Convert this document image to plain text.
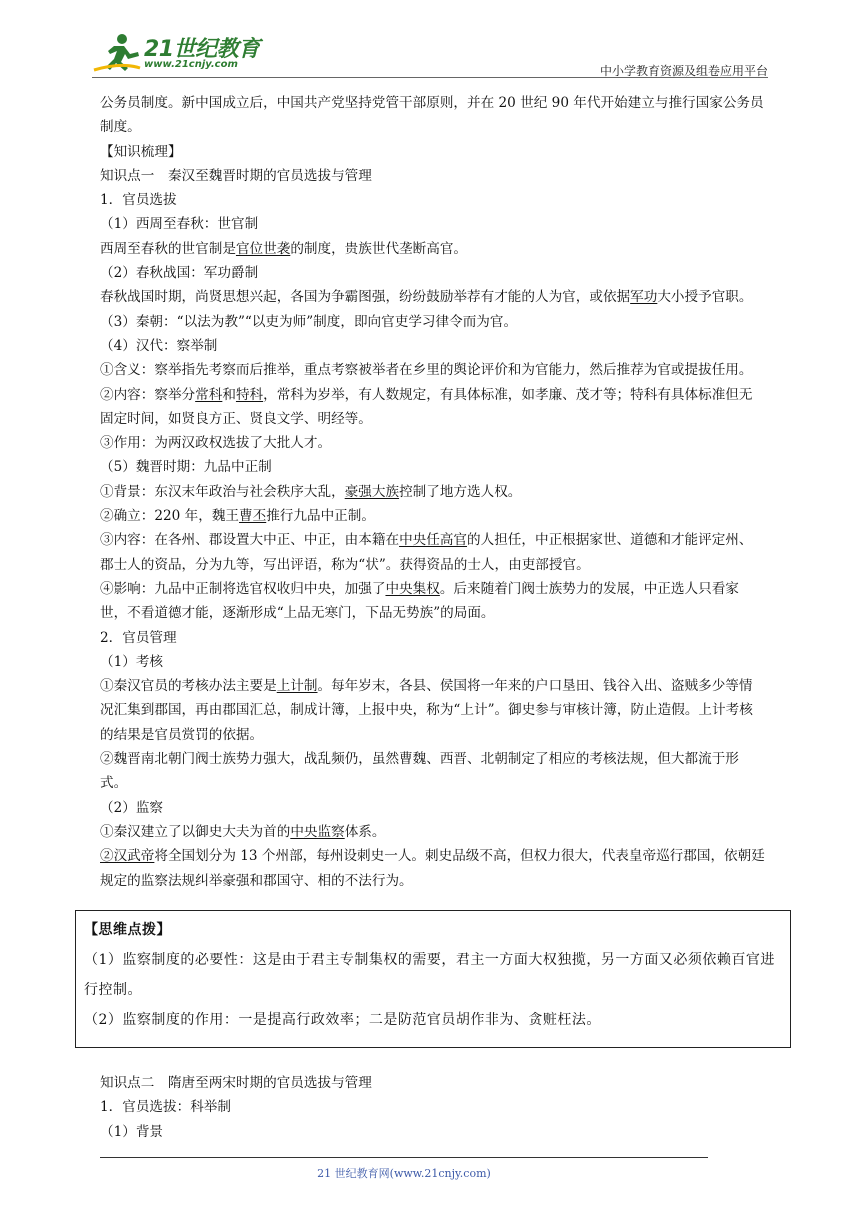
21世纪教育
www.21cnjy.com	中小学教育资源及组卷应用平台

公务员制度。新中国成立后，中国共产党坚持党管干部原则，并在 20 世纪 90 年代开始建立与推行国家公务员制度。

【知识梳理】

知识点一　秦汉至魏晋时期的官员选拔与管理

1．官员选拔

（1）西周至春秋：世官制

西周至春秋的世官制是官位世袭的制度，贵族世代垄断高官。

（2）春秋战国：军功爵制

春秋战国时期，尚贤思想兴起，各国为争霸图强，纷纷鼓励举荐有才能的人为官，或依据军功大小授予官职。

（3）秦朝：“以法为教”“以吏为师”制度，即向官吏学习律令而为官。

（4）汉代：察举制

①含义：察举指先考察而后推举，重点考察被举者在乡里的舆论评价和为官能力，然后推荐为官或提拔任用。

②内容：察举分常科和特科，常科为岁举，有人数规定，有具体标准，如孝廉、茂才等；特科有具体标准但无固定时间，如贤良方正、贤良文学、明经等。

③作用：为两汉政权选拔了大批人才。

（5）魏晋时期：九品中正制

①背景：东汉末年政治与社会秩序大乱，豪强大族控制了地方选人权。

②确立：220 年，魏王曹丕推行九品中正制。

③内容：在各州、郡设置大中正、中正，由本籍在中央任高官的人担任，中正根据家世、道德和才能评定州、郡士人的资品，分为九等，写出评语，称为“状”。获得资品的士人，由吏部授官。

④影响：九品中正制将选官权收归中央，加强了中央集权。后来随着门阀士族势力的发展，中正选人只看家世，不看道德才能，逐渐形成“上品无寒门，下品无势族”的局面。

2．官员管理

（1）考核

①秦汉官员的考核办法主要是上计制。每年岁末，各县、侯国将一年来的户口垦田、钱谷入出、盗贼多少等情况汇集到郡国，再由郡国汇总，制成计簿，上报中央，称为“上计”。御史参与审核计簿，防止造假。上计考核的结果是官员赏罚的依据。

②魏晋南北朝门阀士族势力强大，战乱频仍，虽然曹魏、西晋、北朝制定了相应的考核法规，但大都流于形式。

（2）监察

①秦汉建立了以御史大夫为首的中央监察体系。

②汉武帝将全国划分为 13 个州部，每州设刺史一人。刺史品级不高，但权力很大，代表皇帝巡行郡国，依朝廷规定的监察法规纠举豪强和郡国守、相的不法行为。

【思维点拨】

（1）监察制度的必要性：这是由于君主专制集权的需要，君主一方面大权独揽，另一方面又必须依赖百官进行控制。

（2）监察制度的作用：一是提高行政效率；二是防范官员胡作非为、贪赃枉法。

知识点二　隋唐至两宋时期的官员选拔与管理

1．官员选拔：科举制

（1）背景

21 世纪教育网(www.21cnjy.com)
